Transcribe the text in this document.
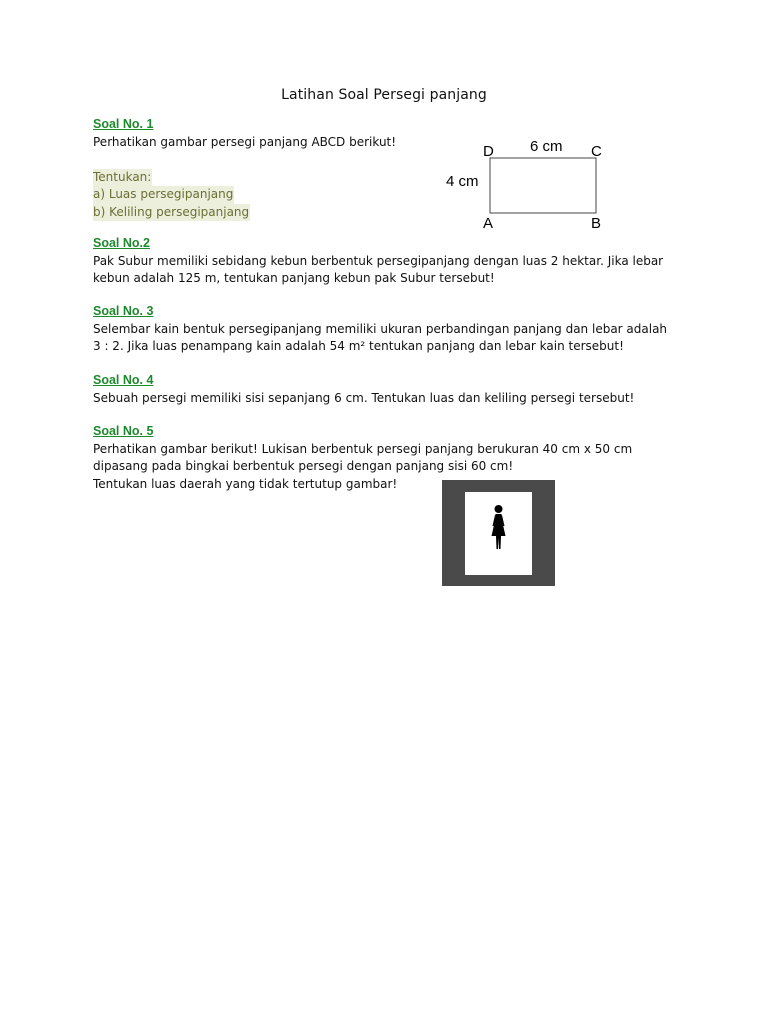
Latihan Soal Persegi panjang
Soal No. 1
Perhatikan gambar persegi panjang ABCD berikut!
Tentukan:
a) Luas persegipanjang
b) Keliling persegipanjang
D	C
A	B
6 cm
4 cm
Soal No.2
Pak Subur memiliki sebidang kebun berbentuk persegipanjang dengan luas 2 hektar. Jika lebar
kebun adalah 125 m, tentukan panjang kebun pak Subur tersebut!
Soal No. 3
Selembar kain bentuk persegipanjang memiliki ukuran perbandingan panjang dan lebar adalah
3 : 2. Jika luas penampang kain adalah 54 m² tentukan panjang dan lebar kain tersebut!
Soal No. 4
Sebuah persegi memiliki sisi sepanjang 6 cm. Tentukan luas dan keliling persegi tersebut!
Soal No. 5
Perhatikan gambar berikut! Lukisan berbentuk persegi panjang berukuran 40 cm x 50 cm
dipasang pada bingkai berbentuk persegi dengan panjang sisi 60 cm!
Tentukan luas daerah yang tidak tertutup gambar!
